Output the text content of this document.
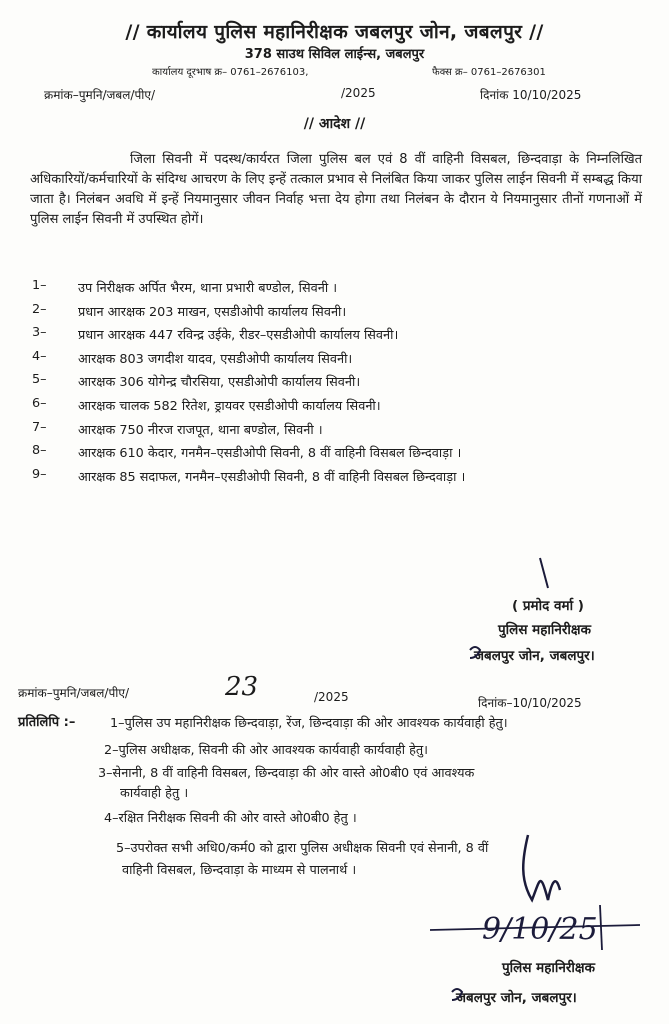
// कार्यालय पुलिस महानिरीक्षक जबलपुर जोन, जबलपुर //
378 साउथ सिविल लाईन्स, जबलपुर
कार्यालय दूरभाष क्र– 0761–2676103,	फैक्स क्र– 0761–2676301
क्रमांक–पुमनि/जबल/पीए/	/2025	दिनांक 10/10/2025
// आदेश //
जिला सिवनी में पदस्थ/कार्यरत जिला पुलिस बल एवं 8 वीं वाहिनी विसबल, छिन्दवाड़ा के निम्नलिखित अधिकारियों/कर्मचारियों के संदिग्ध आचरण के लिए इन्हें तत्काल प्रभाव से निलंबित किया जाकर पुलिस लाईन सिवनी में सम्बद्ध किया जाता है। निलंबन अवधि में इन्हें नियमानुसार जीवन निर्वाह भत्ता देय होगा तथा निलंबन के दौरान ये नियमानुसार तीनों गणनाओं में पुलिस लाईन सिवनी में उपस्थित होगें।
1–	उप निरीक्षक अर्पित भैरम, थाना प्रभारी बण्डोल, सिवनी ।
2–	प्रधान आरक्षक 203 माखन, एसडीओपी कार्यालय सिवनी।
3–	प्रधान आरक्षक 447 रविन्द्र उईके, रीडर–एसडीओपी कार्यालय सिवनी।
4–	आरक्षक 803 जगदीश यादव, एसडीओपी कार्यालय सिवनी।
5–	आरक्षक 306 योगेन्द्र चौरसिया, एसडीओपी कार्यालय सिवनी।
6–	आरक्षक चालक 582 रितेश, ड्रायवर एसडीओपी कार्यालय सिवनी।
7–	आरक्षक 750 नीरज राजपूत, थाना बण्डोल, सिवनी ।
8–	आरक्षक 610 केदार, गनमैन–एसडीओपी सिवनी, 8 वीं वाहिनी विसबल छिन्दवाड़ा ।
9–	आरक्षक 85 सदाफल, गनमैन–एसडीओपी सिवनी, 8 वीं वाहिनी विसबल छिन्दवाड़ा ।
( प्रमोद वर्मा )
पुलिस महानिरीक्षक
जबलपुर जोन, जबलपुर।
क्रमांक–पुमनि/जबल/पीए/	23	/2025	दिनांक–10/10/2025
प्रतिलिपि :–	1–पुलिस उप महानिरीक्षक छिन्दवाड़ा, रेंज, छिन्दवाड़ा की ओर आवश्यक कार्यवाही हेतु।
2–पुलिस अधीक्षक, सिवनी की ओर आवश्यक कार्यवाही कार्यवाही हेतु।
3–सेनानी, 8 वीं वाहिनी विसबल, छिन्दवाड़ा की ओर वास्ते ओ0बी0 एवं आवश्यक
कार्यवाही हेतु ।
4–रक्षित निरीक्षक सिवनी की ओर वास्ते ओ0बी0 हेतु ।
5–उपरोक्त सभी अधि0/कर्म0 को द्वारा पुलिस अधीक्षक सिवनी एवं सेनानी, 8 वीं
वाहिनी विसबल, छिन्दवाड़ा के माध्यम से पालनार्थ ।
पुलिस महानिरीक्षक
जबलपुर जोन, जबलपुर।
9/10/25
